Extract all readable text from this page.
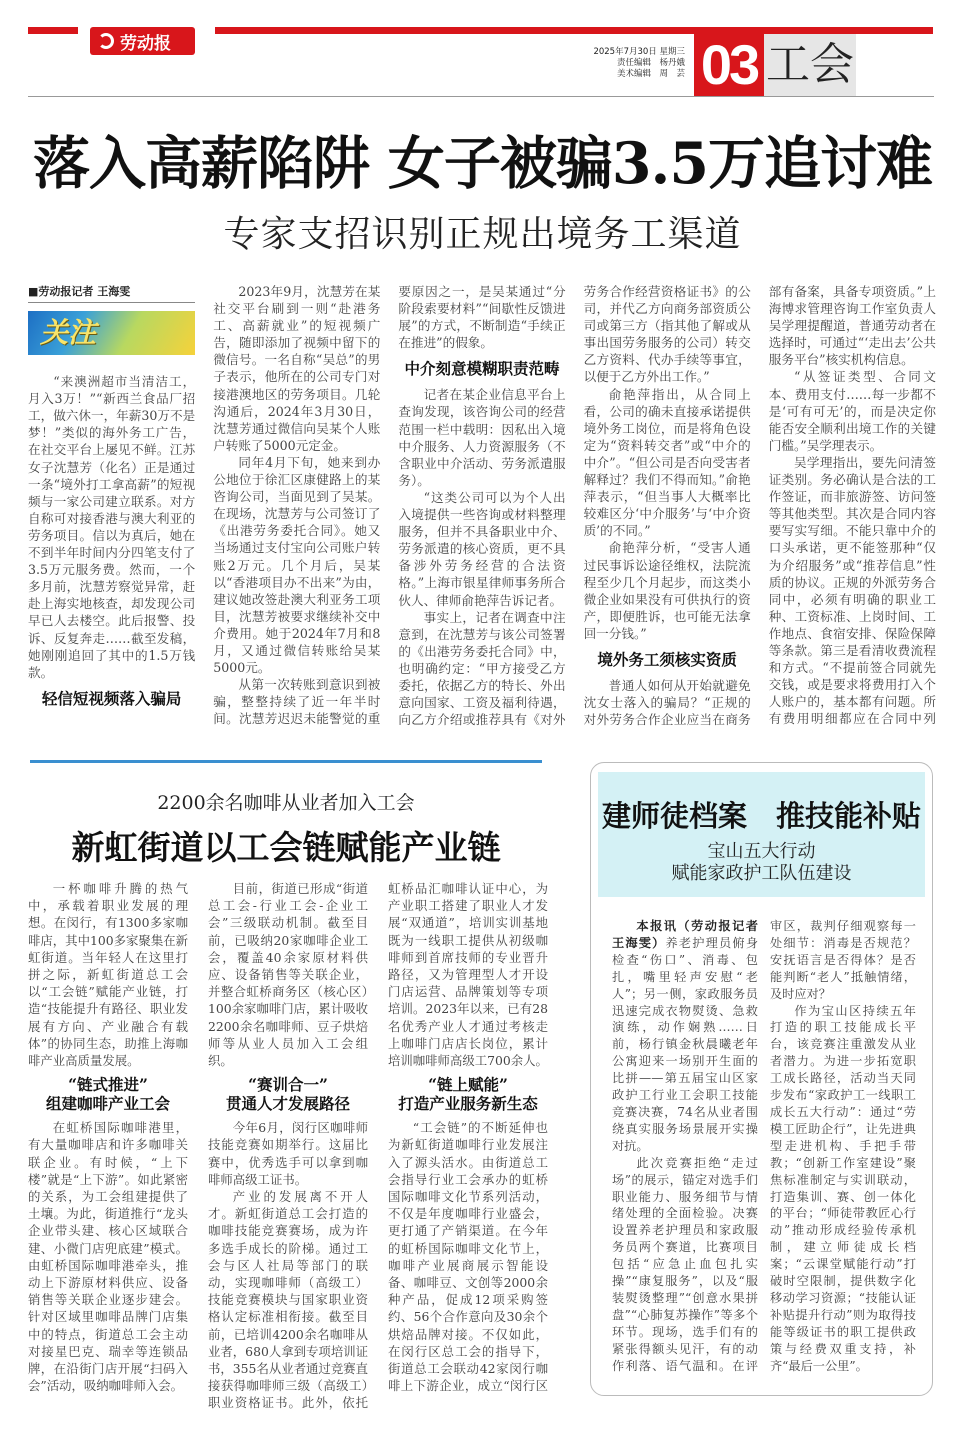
劳动报	2025年7月30日 星期三
责任编辑　杨丹娥
美术编辑　周　芸 03 工会
落入高薪陷阱 女子被骗3.5万追讨难
专家支招识别正规出境务工渠道
■劳动报记者 王海雯
关注

“来澳洲超市当清洁工，月入3万！”“新西兰食品厂招工，做六休一，年薪30万不是梦！”类似的海外务工广告，在社交平台上屡见不鲜。江苏女子沈慧芳（化名）正是通过一条“境外打工拿高薪”的短视频与一家公司建立联系。对方自称可对接香港与澳大利亚的劳务项目。信以为真后，她在不到半年时间内分四笔支付了3.5万元服务费。然而，一个多月前，沈慧芳察觉异常，赶赴上海实地核查，却发现公司早已人去楼空。此后报警、投诉、反复奔走……截至发稿，她刚刚追回了其中的1.5万钱款。

轻信短视频落入骗局

2023年9月，沈慧芳在某社交平台刷到一则“赴港务工、高薪就业”的短视频广告，随即添加了视频中留下的微信号。一名自称“吴总”的男子表示，他所在的公司专门对接港澳地区的劳务项目。几轮沟通后，2024年3月30日，沈慧芳通过微信向吴某个人账户转账了5000元定金。

同年4月下旬，她来到办公地位于徐汇区康健路上的某咨询公司，当面见到了吴某。在现场，沈慧芳与公司签订了《出港劳务委托合同》。她又当场通过支付宝向公司账户转账2万元。几个月后，吴某以“香港项目办不出来”为由，建议她改签赴澳大利亚务工项目，沈慧芳被要求继续补交中介费用。她于2024年7月和8月，又通过微信转账给吴某5000元。

从第一次转账到意识到被骗，整整持续了近一年半时间。沈慧芳迟迟未能警觉的重要原因之一，是吴某通过“分阶段索要材料”“间歇性反馈进展”的方式，不断制造“手续正在推进”的假象。

中介刻意模糊职责范畴

记者在某企业信息平台上查询发现，该咨询公司的经营范围一栏中载明：因私出入境中介服务、人力资源服务（不含职业中介活动、劳务派遣服务）。

“这类公司可以为个人出入境提供一些咨询或材料整理服务，但并不具备职业中介、劳务派遣的核心资质，更不具备涉外劳务经营的合法资格。”上海市银星律师事务所合伙人、律师俞艳萍告诉记者。

事实上，记者在调查中注意到，在沈慧芳与该公司签署的《出港劳务委托合同》中，也明确约定：“甲方接受乙方委托，依据乙方的特长、外出意向国家、工资及福利待遇，向乙方介绍或推荐具有《对外劳务合作经营资格证书》的公司，并代乙方向商务部资质公司或第三方（指其他了解或从事出国劳务服务的公司）转交乙方资料、代办手续等事宜，以便于乙方外出工作。”

俞艳萍指出，从合同上看，公司的确未直接承诺提供境外务工岗位，而是将角色设定为“资料转交者”或“中介的中介”。“但公司是否向受害者解释过？我们不得而知。”俞艳萍表示，“但当事人大概率比较难区分‘中介服务’与‘中介资质’的不同。”

俞艳萍分析，“受害人通过民事诉讼途径维权，法院流程至少几个月起步，而这类小微企业如果没有可供执行的资产，即便胜诉，也可能无法拿回一分钱。”

境外务工须核实资质

普通人如何从开始就避免沈女士落入的骗局？“正规的对外劳务合作企业应当在商务部有备案，具备专项资质。”上海博求管理咨询工作室负责人吴学理提醒道，普通劳动者在选择时，可通过“‘走出去’公共服务平台”核实机构信息。

“从签证类型、合同文本、费用支付……每一步都不是‘可有可无’的，而是决定你能否安全顺利出境工作的关键门槛。”吴学理表示。

吴学理指出，要先问清签证类别。务必确认是合法的工作签证，而非旅游签、访问签等其他类型。其次是合同内容要写实写细。不能只靠中介的口头承诺，更不能签那种“仅为介绍服务”或“推荐信息”性质的协议。正规的外派劳务合同中，必须有明确的职业工种、工资标准、上岗时间、工作地点、食宿安排、保险保障等条款。第三是看清收费流程和方式。“不提前签合同就先交钱，或是要求将费用打入个人账户的，基本都有问题。所有费用明细都应在合同中列

2200余名咖啡从业者加入工会
新虹街道以工会链赋能产业链

一杯咖啡升腾的热气中，承载着职业发展的理想。在闵行，有1300多家咖啡店，其中100多家聚集在新虹街道。当年轻人在这里打拼之际，新虹街道总工会以“工会链”赋能产业链，打造“技能提升有路径、职业发展有方向、产业融合有载体”的协同生态，助推上海咖啡产业高质量发展。

“链式推进”
组建咖啡产业工会

在虹桥国际咖啡港里，有大量咖啡店和许多咖啡关联企业。有时候，“上下楼”就是“上下游”。如此紧密的关系，为工会组建提供了土壤。为此，街道推行“龙头企业带头建、核心区域联合建、小微门店兜底建”模式。由虹桥国际咖啡港牵头，推动上下游原材料供应、设备销售等关联企业逐步建会。针对区域里咖啡品牌门店集中的特点，街道总工会主动对接星巴克、瑞幸等连锁品牌，在沿街门店开展“扫码入会”活动，吸纳咖啡师入会。

目前，街道已形成“街道总工会-行业工会-企业工会”三级联动机制。截至目前，已吸纳20家咖啡企业工会，覆盖40余家原材料供应、设备销售等关联企业，并整合虹桥商务区（核心区）100余家咖啡门店，累计吸收2200余名咖啡师、豆子烘焙师等从业人员加入工会组织。

“赛训合一”
贯通人才发展路径

今年6月，闵行区咖啡师技能竞赛如期举行。这届比赛中，优秀选手可以拿到咖啡师高级工证书。

产业的发展离不开人才。新虹街道总工会打造的咖啡技能竞赛赛场，成为许多选手成长的阶梯。通过工会与区人社局等部门的联动，实现咖啡师（高级工）技能竞赛模块与国家职业资格认定标准相衔接。截至目前，已培训4200余名咖啡从业者，680人拿到专项培训证书，355名从业者通过竞赛直接获得咖啡师三级（高级工）职业资格证书。此外，依托虹桥品汇咖啡认证中心，为产业职工搭建了职业人才发展“双通道”，培训实训基地既为一线职工提供从初级咖啡师到首席技师的专业晋升路径，又为管理型人才开设门店运营、品牌策划等专项培训。2023年以来，已有28名优秀产业人才通过考核走上咖啡门店店长岗位，累计培训咖啡师高级工700余人。

“链上赋能”
打造产业服务新生态

“工会链”的不断延伸也为新虹街道咖啡行业发展注入了源头活水。由街道总工会指导行业工会承办的虹桥国际咖啡文化节系列活动，不仅是年度咖啡行业盛会，更打通了产销渠道。在今年的虹桥国际咖啡文化节上，咖啡产业展商展示智能设备、咖啡豆、文创等2000余种产品，促成12项采购签约、56个合作意向及30余个烘焙品牌对接。不仅如此，在闵行区总工会的指导下，街道总工会联动42家闵行咖啡上下游企业，成立“闵行区

建师徒档案　推技能补贴
宝山五大行动
赋能家政护工队伍建设

本报讯（劳动报记者王海雯）养老护理员俯身检查“伤口”、消毒、包扎，嘴里轻声安慰“老人”；另一侧，家政服务员迅速完成衣物熨烫、急救演练，动作娴熟……日前，杨行镇金秋晨曦老年公寓迎来一场别开生面的比拼——第五届宝山区家政护工行业工会职工技能竞赛决赛，74名从业者围绕真实服务场景展开实操对抗。

此次竞赛拒绝“走过场”的展示，锚定对选手们职业能力、服务细节与情绪处理的全面检验。决赛设置养老护理员和家政服务员两个赛道，比赛项目包括“应急止血包扎实操”“康复服务”，以及“服装熨烫整理”“创意水果拼盘”“心肺复苏操作”等多个环节。现场，选手们有的紧张得额头见汗，有的动作利落、语气温和。在评审区，裁判仔细观察每一处细节：消毒是否规范？安抚语言是否得体？是否能判断“老人”抵触情绪，及时应对？

作为宝山区持续五年打造的职工技能成长平台，该竞赛注重激发从业者潜力。为进一步拓宽职工成长路径，活动当天同步发布“家政护工一线职工成长五大行动”：通过“劳模工匠助企行”，让先进典型走进机构、手把手带教；“创新工作室建设”聚焦标准制定与实训联动，打造集训、赛、创一体化的平台；“师徒带教匠心行动”推动形成经验传承机制，建立师徒成长档案；“云课堂赋能行动”打破时空限制，提供数字化移动学习资源；“技能认证补贴提升行动”则为取得技能等级证书的职工提供政策与经费双重支持，补齐“最后一公里”。
